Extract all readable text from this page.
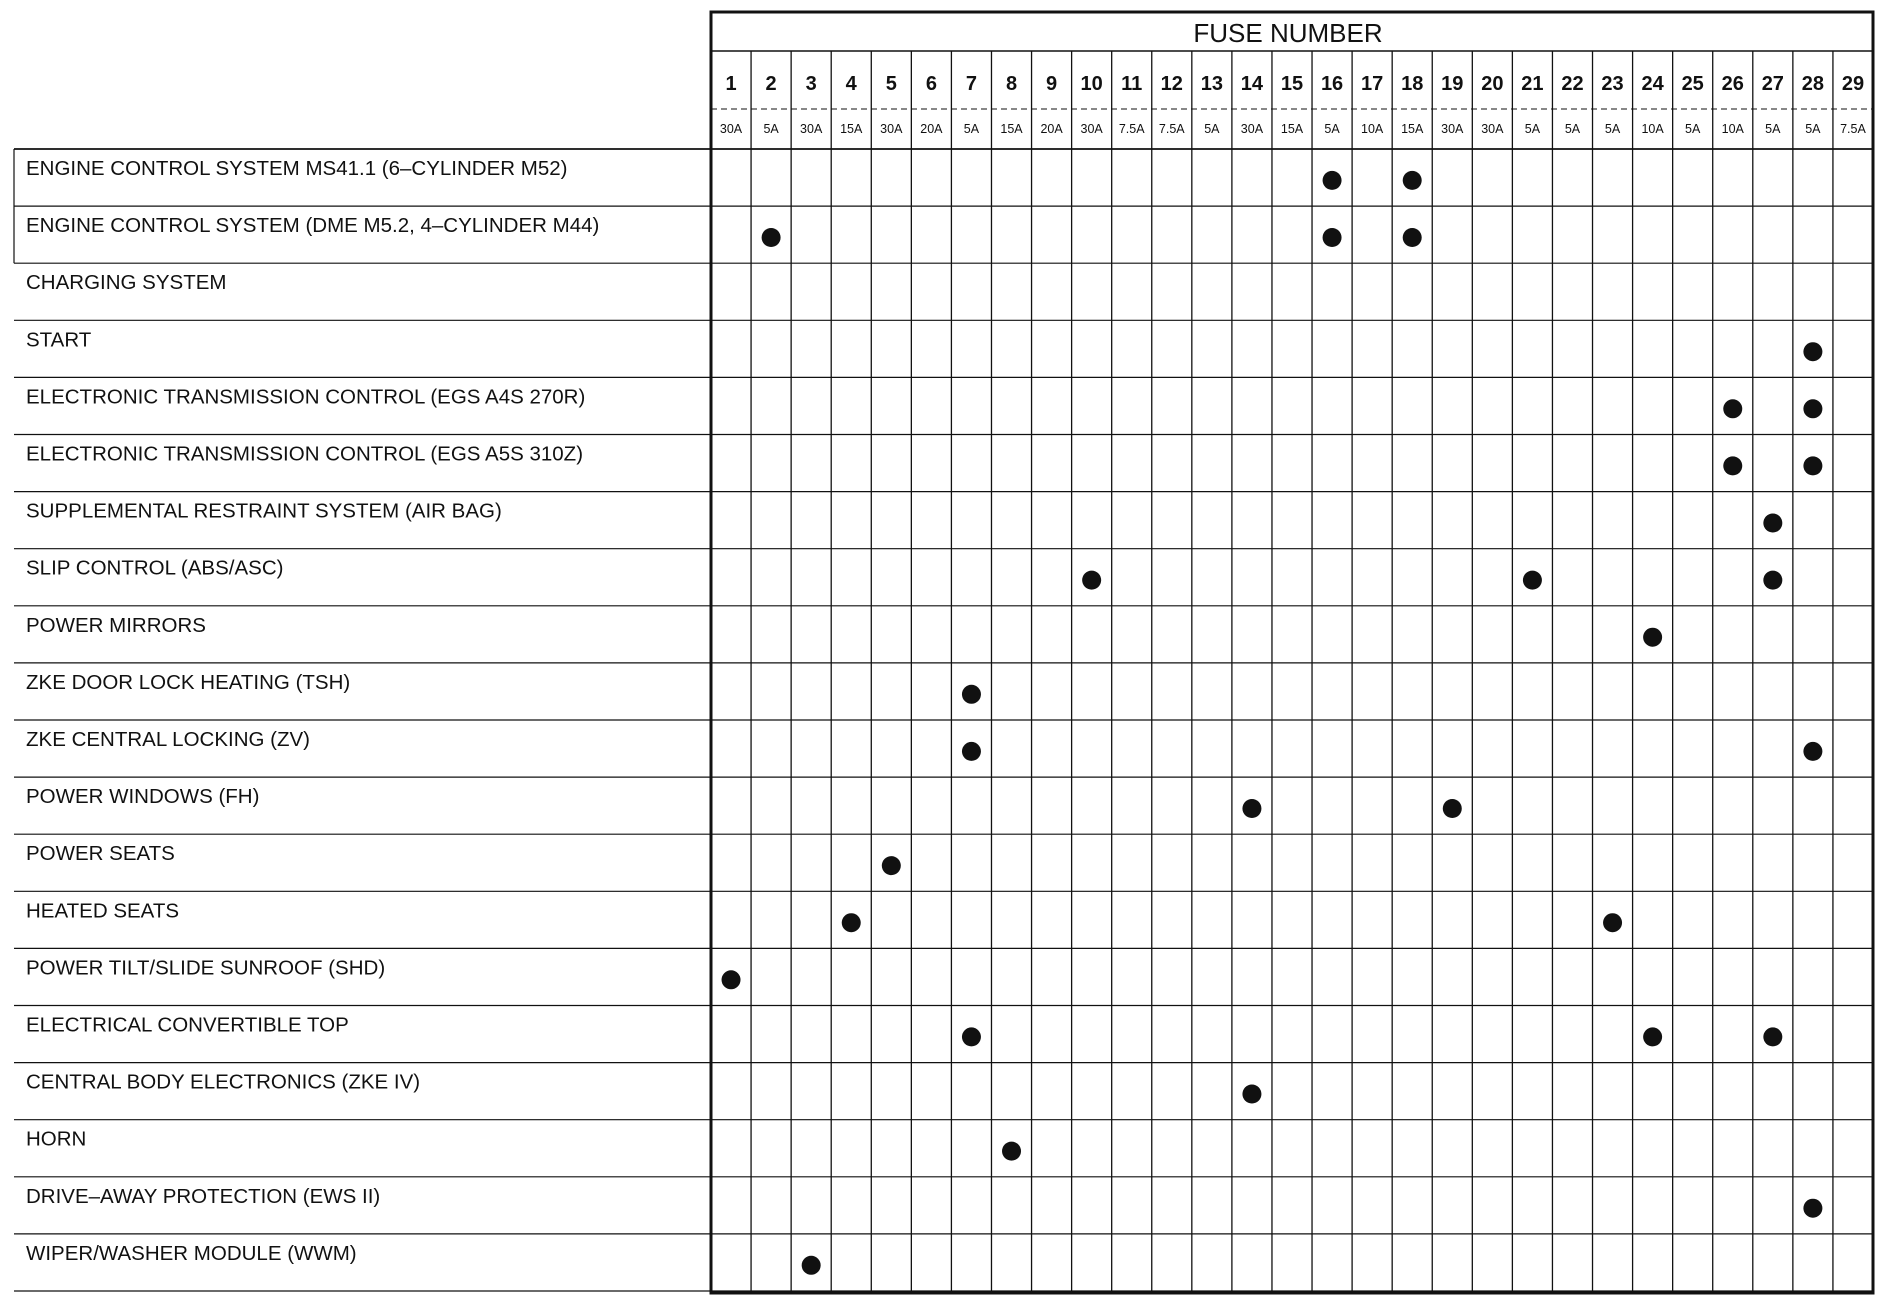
ENGINE CONTROL SYSTEM MS41.1 (6–CYLINDER M52)
ENGINE CONTROL SYSTEM (DME M5.2, 4–CYLINDER M44)
CHARGING SYSTEM
START
ELECTRONIC TRANSMISSION CONTROL (EGS A4S 270R)
ELECTRONIC TRANSMISSION CONTROL (EGS A5S 310Z)
SUPPLEMENTAL RESTRAINT SYSTEM (AIR BAG)
SLIP CONTROL (ABS/ASC)
POWER MIRRORS
ZKE DOOR LOCK HEATING (TSH)
ZKE CENTRAL LOCKING (ZV)
POWER WINDOWS (FH)
POWER SEATS
HEATED SEATS
POWER TILT/SLIDE SUNROOF (SHD)
ELECTRICAL CONVERTIBLE TOP
CENTRAL BODY ELECTRONICS (ZKE IV)
HORN
DRIVE–AWAY PROTECTION (EWS II)
WIPER/WASHER MODULE (WWM)
FUSE NUMBER
1
30A
2
5A
3
30A
4
15A
5
30A
6
20A
7
5A
8
15A
9
20A
10
30A
11
7.5A
12
7.5A
13
5A
14
30A
15
15A
16
5A
17
10A
18
15A
19
30A
20
30A
21
5A
22
5A
23
5A
24
10A
25
5A
26
10A
27
5A
28
5A
29
7.5A
